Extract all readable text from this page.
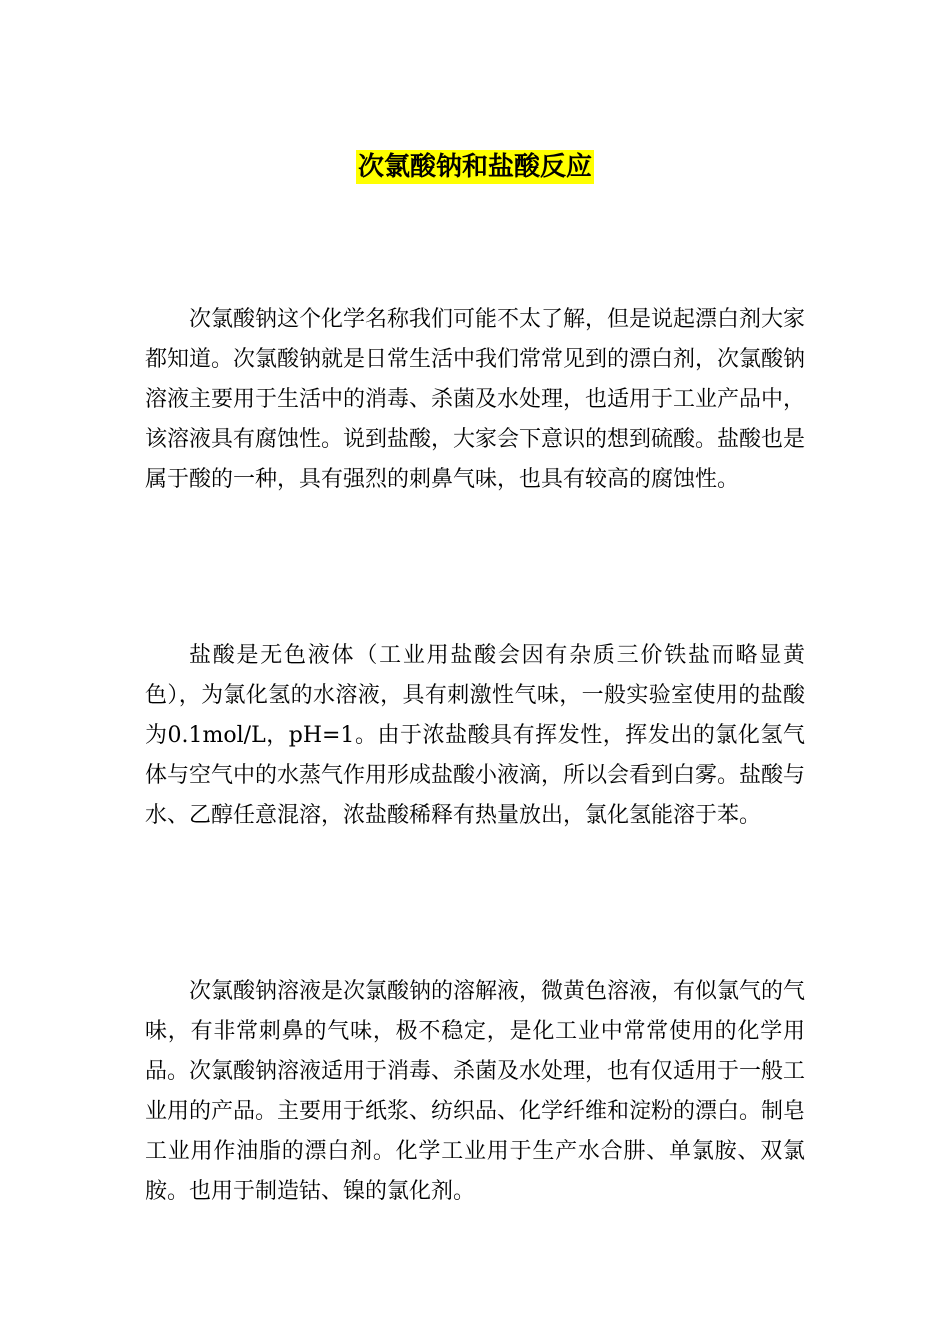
次氯酸钠和盐酸反应

次氯酸钠这个化学名称我们可能不太了解，但是说起漂白剂大家都知道。次氯酸钠就是日常生活中我们常常见到的漂白剂，次氯酸钠溶液主要用于生活中的消毒、杀菌及水处理，也适用于工业产品中，该溶液具有腐蚀性。说到盐酸，大家会下意识的想到硫酸。盐酸也是属于酸的一种，具有强烈的刺鼻气味，也具有较高的腐蚀性。

盐酸是无色液体（工业用盐酸会因有杂质三价铁盐而略显黄色），为氯化氢的水溶液，具有刺激性气味，一般实验室使用的盐酸为0.1mol/L，pH=1。由于浓盐酸具有挥发性，挥发出的氯化氢气体与空气中的水蒸气作用形成盐酸小液滴，所以会看到白雾。盐酸与水、乙醇任意混溶，浓盐酸稀释有热量放出，氯化氢能溶于苯。

次氯酸钠溶液是次氯酸钠的溶解液，微黄色溶液，有似氯气的气味，有非常刺鼻的气味，极不稳定，是化工业中常常使用的化学用品。次氯酸钠溶液适用于消毒、杀菌及水处理，也有仅适用于一般工业用的产品。主要用于纸浆、纺织品、化学纤维和淀粉的漂白。制皂工业用作油脂的漂白剂。化学工业用于生产水合肼、单氯胺、双氯胺。也用于制造钴、镍的氯化剂。
